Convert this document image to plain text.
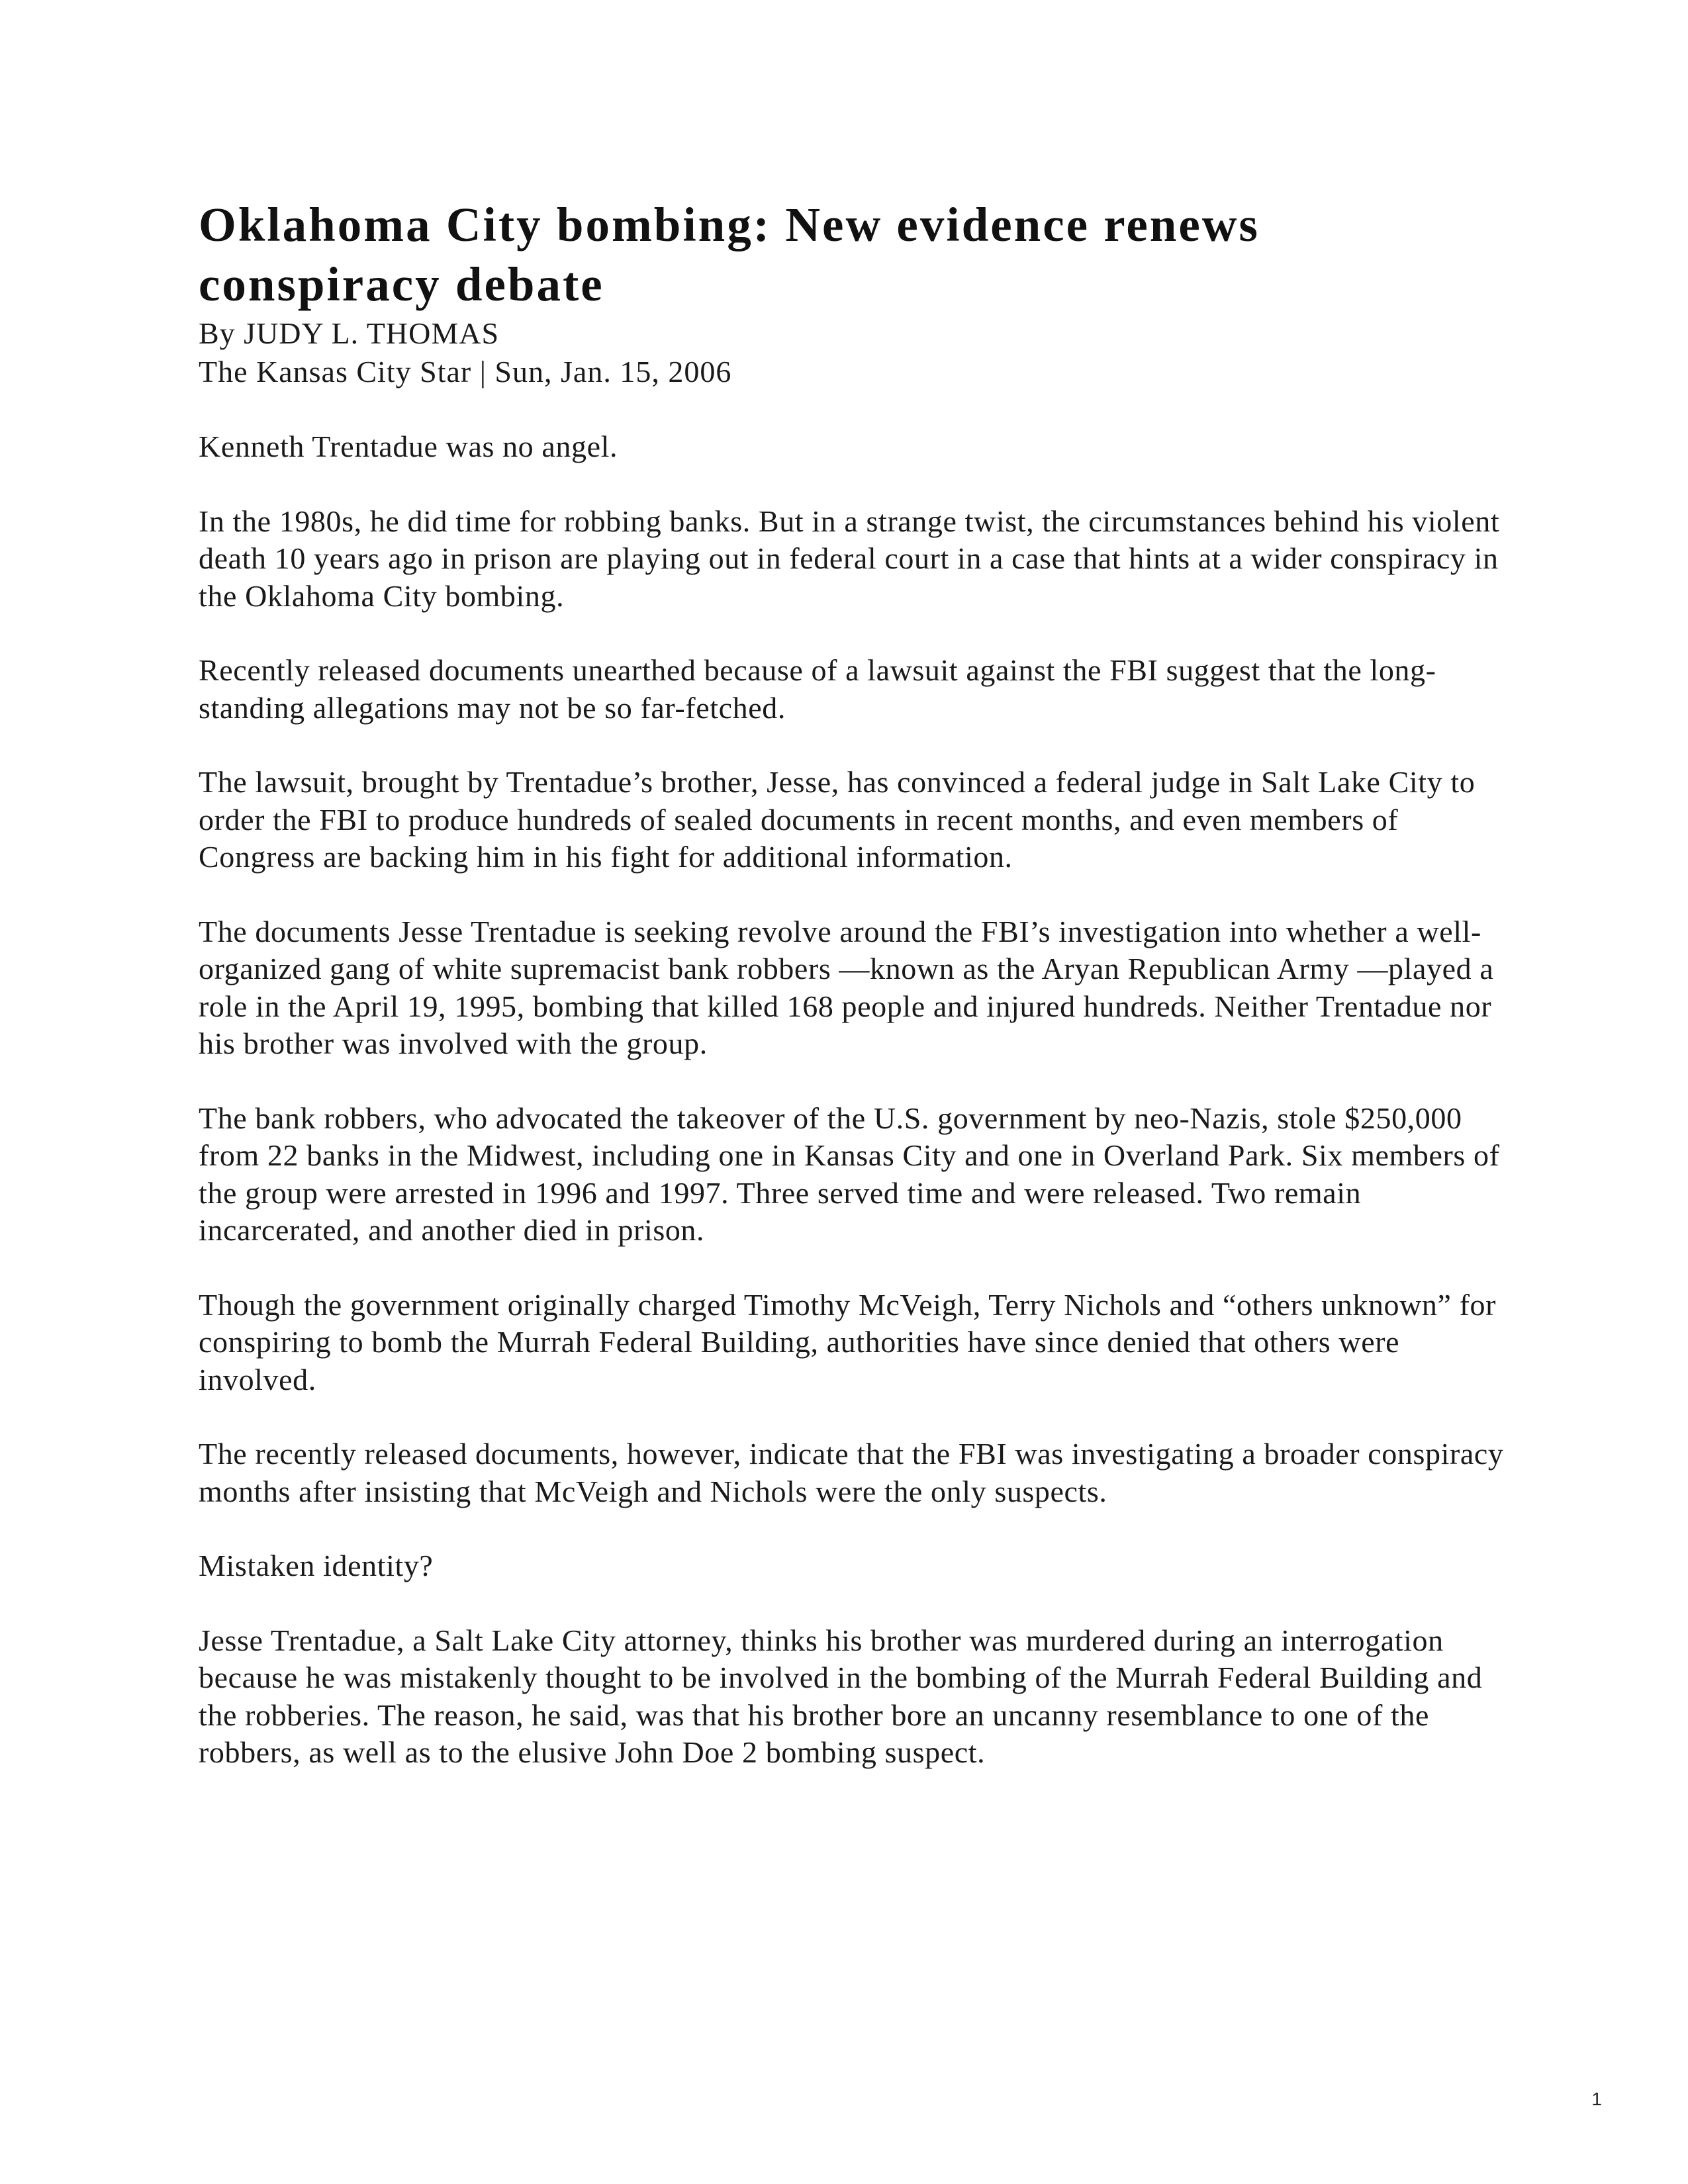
Oklahoma City bombing: New evidence renews conspiracy debate

By JUDY L. THOMAS

The Kansas City Star | Sun, Jan. 15, 2006

Kenneth Trentadue was no angel.

In the 1980s, he did time for robbing banks. But in a strange twist, the circumstances behind his violent death 10 years ago in prison are playing out in federal court in a case that hints at a wider conspiracy in the Oklahoma City bombing.

Recently released documents unearthed because of a lawsuit against the FBI suggest that the long-standing allegations may not be so far-fetched.

The lawsuit, brought by Trentadue’s brother, Jesse, has convinced a federal judge in Salt Lake City to order the FBI to produce hundreds of sealed documents in recent months, and even members of Congress are backing him in his fight for additional information.

The documents Jesse Trentadue is seeking revolve around the FBI’s investigation into whether a well-organized gang of white supremacist bank robbers —known as the Aryan Republican Army —played a role in the April 19, 1995, bombing that killed 168 people and injured hundreds. Neither Trentadue nor his brother was involved with the group.

The bank robbers, who advocated the takeover of the U.S. government by neo-Nazis, stole $250,000 from 22 banks in the Midwest, including one in Kansas City and one in Overland Park. Six members of the group were arrested in 1996 and 1997. Three served time and were released. Two remain incarcerated, and another died in prison.

Though the government originally charged Timothy McVeigh, Terry Nichols and “others unknown” for conspiring to bomb the Murrah Federal Building, authorities have since denied that others were involved.

The recently released documents, however, indicate that the FBI was investigating a broader conspiracy months after insisting that McVeigh and Nichols were the only suspects.

Mistaken identity?

Jesse Trentadue, a Salt Lake City attorney, thinks his brother was murdered during an interrogation because he was mistakenly thought to be involved in the bombing of the Murrah Federal Building and the robberies. The reason, he said, was that his brother bore an uncanny resemblance to one of the robbers, as well as to the elusive John Doe 2 bombing suspect.

1
